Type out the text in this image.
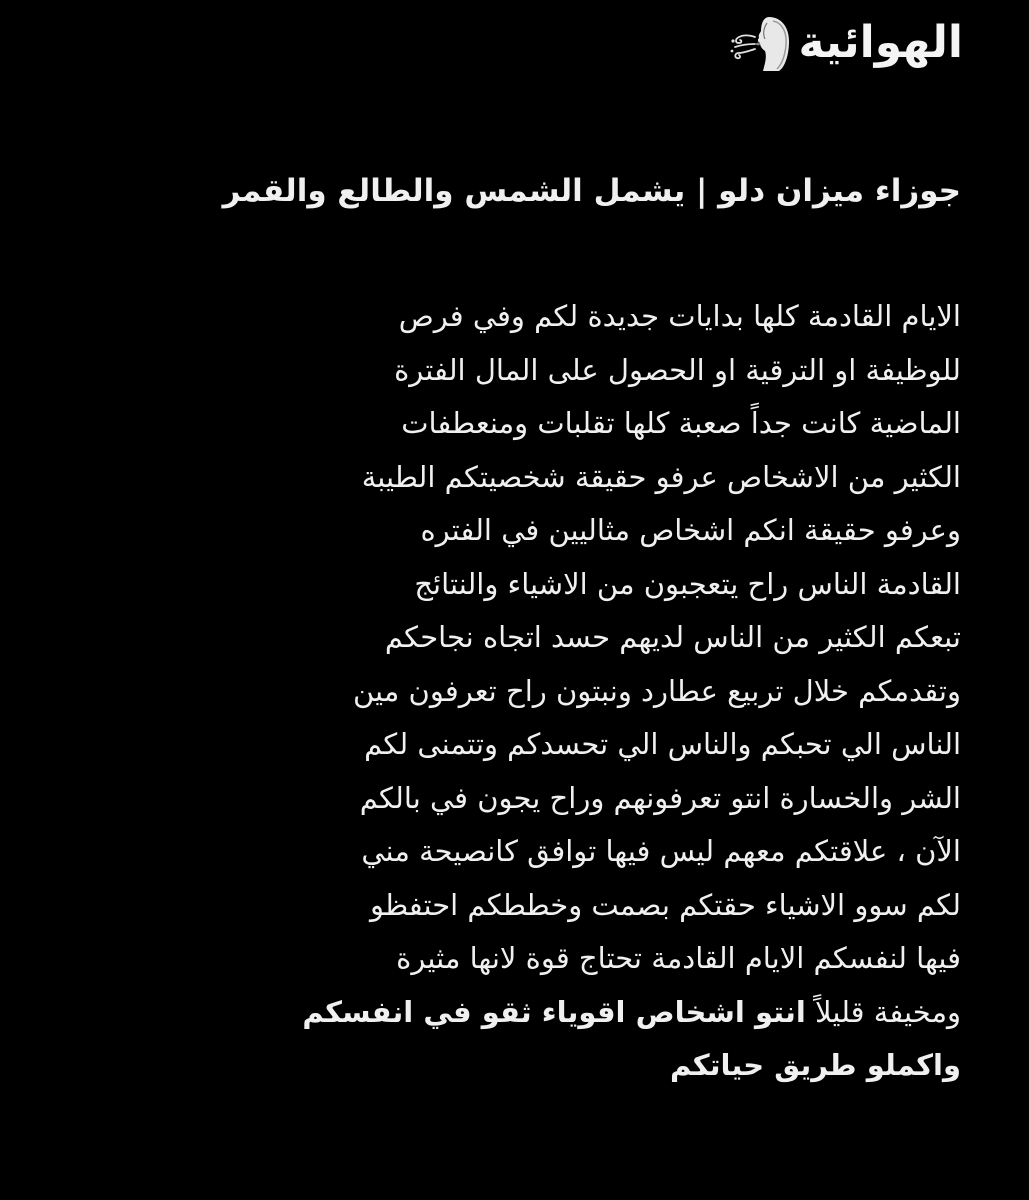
الهوائية
جوزاء ميزان دلو | يشمل الشمس والطالع والقمر
الايام القادمة كلها بدايات جديدة لكم وفي فرص
للوظيفة او الترقية او الحصول على المال الفترة
الماضية كانت جداً صعبة كلها تقلبات ومنعطفات
الكثير من الاشخاص عرفو حقيقة شخصيتكم الطيبة
وعرفو حقيقة انكم اشخاص مثاليين في الفتره
القادمة الناس راح يتعجبون من الاشياء والنتائج
تبعكم الكثير من الناس لديهم حسد اتجاه نجاحكم
وتقدمكم خلال تربيع عطارد ونبتون راح تعرفون مين
الناس الي تحبكم والناس الي تحسدكم وتتمنى لكم
الشر والخسارة انتو تعرفونهم وراح يجون في بالكم
الآن ، علاقتكم معهم ليس فيها توافق كانصيحة مني
لكم سوو الاشياء حقتكم بصمت وخططكم احتفظو
فيها لنفسكم الايام القادمة تحتاج قوة لانها مثيرة
ومخيفة قليلاً انتو اشخاص اقوياء ثقو في انفسكم
واكملو طريق حياتكم
